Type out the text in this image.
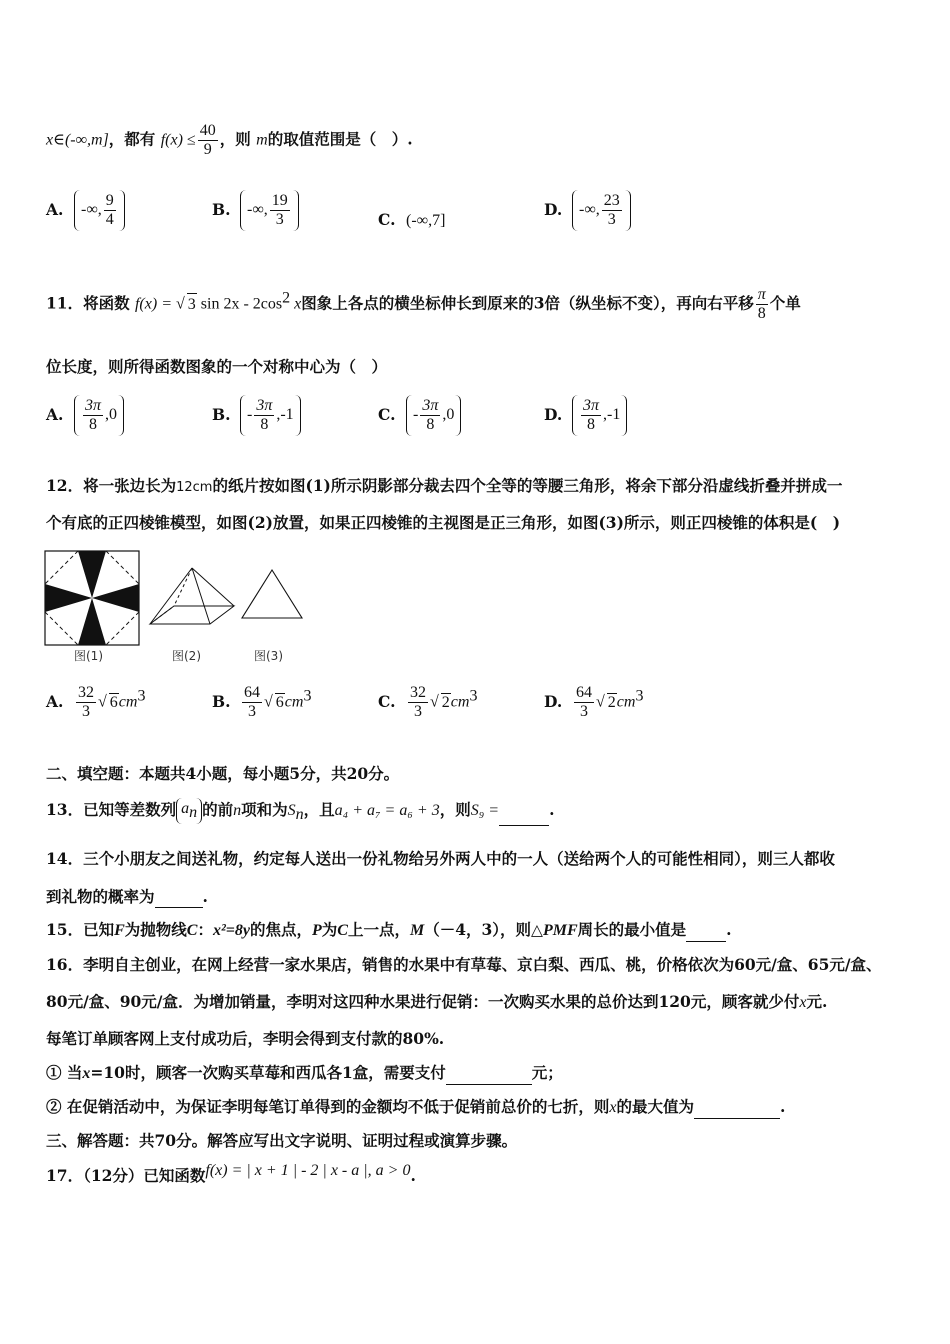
x∈(-∞,m]，都有 $f(x) \le \frac{40}{9}$ ，则 m的取值范围是（　）.
A. -∞, $\frac{9}{4}$	B. -∞, $\frac{19}{3}$	C. (-∞,7]
D. -∞, $\frac{23}{3}$
11．将函数 f(x) = √ 3 $\sin 2x - 2\cos^2$ x图象上各点的横坐标伸长到原来的3倍（纵坐标不变），再向右平移 $\frac{\pi}{8}$ 个单
位长度，则所得函数图象的一个对称中心为（　）
A. $\frac{3\pi}{8} ,0$	B. - $\frac{3\pi}{8} ,-1$	C. - $\frac{3\pi}{8} ,0$	D. $\frac{3\pi}{8} ,-1$
12．将一张边长为12cm的纸片按如图(1)所示阴影部分裁去四个全等的等腰三角形，将余下部分沿虚线折叠并拼成一
个有底的正四棱锥模型，如图(2)放置，如果正四棱锥的主视图是正三角形，如图(3)所示，则正四棱锥的体积是(　)
图(1)	图(2)	图(3)
A. $\frac{32}{3}$ √ $6cm^3$	B. $\frac{64}{3}$ √ $6cm^3$	C. $\frac{32}{3}$ √ $2cm^3$	D. $\frac{64}{3}$ √ $2cm^3$
二、填空题：本题共4小题，每小题5分，共20分。
13．已知等差数列 $a_n$ 的前n项和为$S_n$，且a₄ + a₇ = a₆ + 3，则S₉ =	.
14．三个小朋友之间送礼物，约定每人送出一份礼物给另外两人中的一人（送给两个人的可能性相同），则三人都收
到礼物的概率为	.
15．已知F为抛物线C：x²=8y的焦点，P为C上一点，M（－4，3），则△PMF周长的最小值是	.
16．李明自主创业，在网上经营一家水果店，销售的水果中有草莓、京白梨、西瓜、桃，价格依次为60元/盒、65元/盒、
80元/盒、90元/盒．为增加销量，李明对这四种水果进行促销：一次购买水果的总价达到120元，顾客就少付x元.
每笔订单顾客网上支付成功后，李明会得到支付款的80%.
① 当x=10时，顾客一次购买草莓和西瓜各1盒，需要支付	元；
② 在促销活动中，为保证李明每笔订单得到的金额均不低于促销前总价的七折，则x的最大值为	.
三、解答题：共70分。解答应写出文字说明、证明过程或演算步骤。
17．（12分）已知函数f(x) = | x + 1 | - 2 | x - a |, a > 0.
